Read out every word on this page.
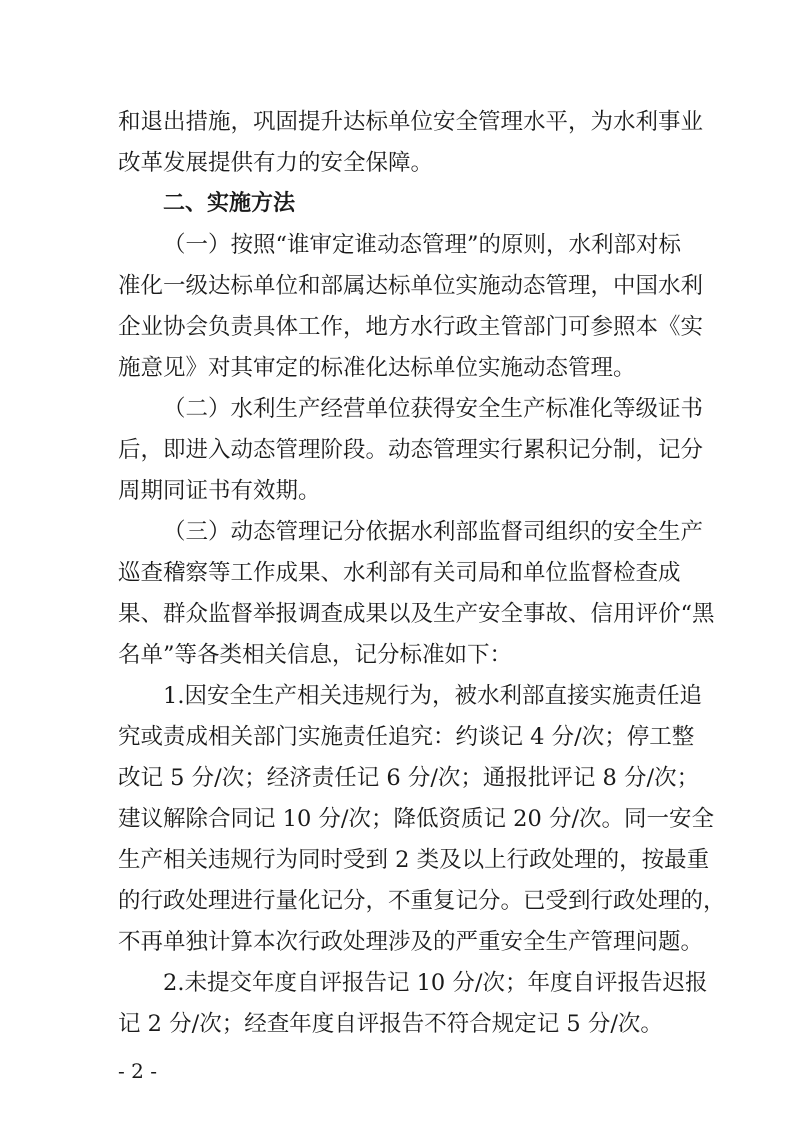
和退出措施，巩固提升达标单位安全管理水平，为水利事业
改革发展提供有力的安全保障。
二、实施方法
（一）按照“谁审定谁动态管理”的原则，水利部对标
准化一级达标单位和部属达标单位实施动态管理，中国水利
企业协会负责具体工作，地方水行政主管部门可参照本《实
施意见》对其审定的标准化达标单位实施动态管理。
（二）水利生产经营单位获得安全生产标准化等级证书
后，即进入动态管理阶段。动态管理实行累积记分制，记分
周期同证书有效期。
（三）动态管理记分依据水利部监督司组织的安全生产
巡查稽察等工作成果、水利部有关司局和单位监督检查成
果、群众监督举报调查成果以及生产安全事故、信用评价“黑
名单”等各类相关信息，记分标准如下：
1.因安全生产相关违规行为，被水利部直接实施责任追
究或责成相关部门实施责任追究：约谈记 4 分/次；停工整
改记 5 分/次；经济责任记 6 分/次；通报批评记 8 分/次；
建议解除合同记 10 分/次；降低资质记 20 分/次。同一安全
生产相关违规行为同时受到 2 类及以上行政处理的，按最重
的行政处理进行量化记分，不重复记分。已受到行政处理的，
不再单独计算本次行政处理涉及的严重安全生产管理问题。
2.未提交年度自评报告记 10 分/次；年度自评报告迟报
记 2 分/次；经查年度自评报告不符合规定记 5 分/次。
- 2 -
